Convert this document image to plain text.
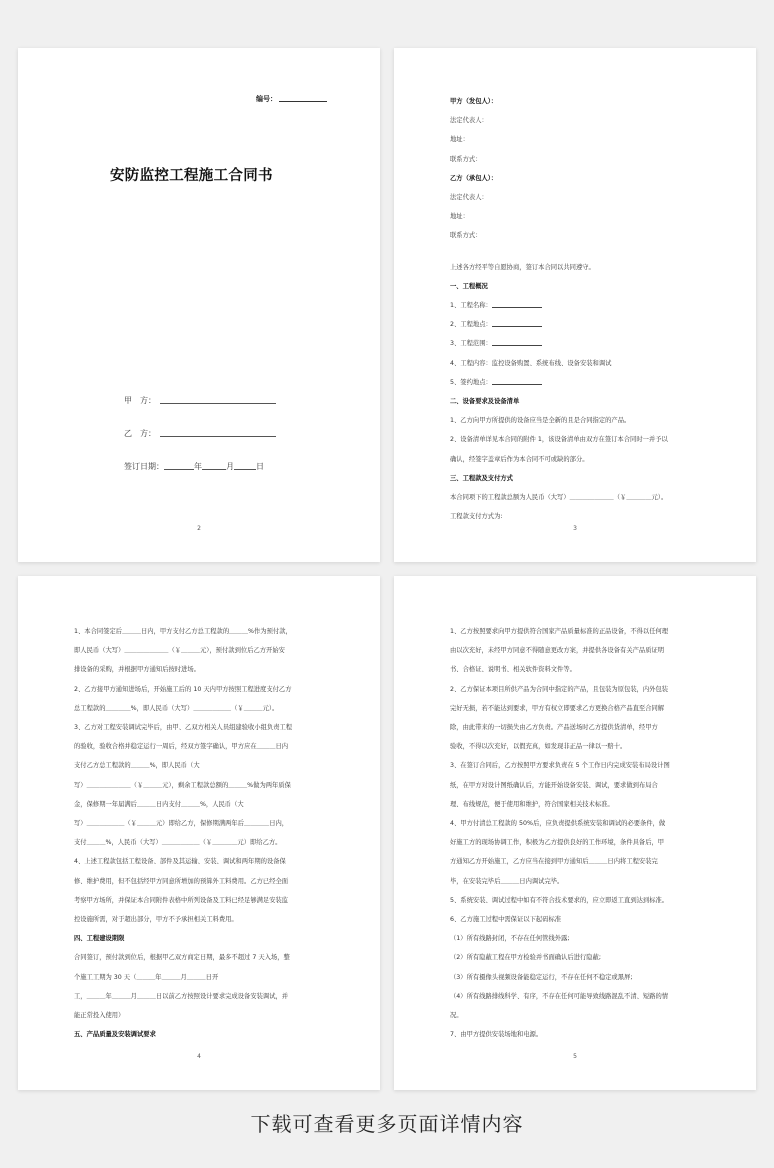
编号：
安防监控工程施工合同书
甲　方：
乙　方：
签订日期：	年	月	日
2

甲方（发包人）：

法定代表人：

地址：

联系方式：

乙方（承包人）：

法定代表人：

地址：

联系方式：

上述各方经平等自愿协商，签订本合同以共同遵守。

一、工程概况

1、工程名称：

2、工程地点：

3、工程范围：

4、工程内容：监控设备购置、系统布线、设备安装和调试

5、签约地点：

二、设备要求及设备清单

1、乙方向甲方所提供的设备应当是全新的且是合同指定的产品。

2、设备清单详见本合同的附件 1，该设备清单由双方在签订本合同时一并予以

确认，经签字盖章后作为本合同不可或缺的部分。

三、工程款及支付方式

本合同项下的工程款总额为人民币（大写）＿＿＿＿＿＿＿（￥＿＿＿＿元）。

工程款支付方式为:

3

1、本合同签定后＿＿＿日内，甲方支付乙方总工程款的＿＿＿%作为预付款，

即人民币（大写）＿＿＿＿＿＿＿（￥＿＿＿元），预付款到位后乙方开始安

排设备的采购，并根据甲方通知后按时进场。

2、乙方接甲方通知进场后，开始施工后的 10 天内甲方按照工程进度支付乙方

总工程款的＿＿＿＿%，即人民币（大写）＿＿＿＿＿＿（￥＿＿＿元）。

3、乙方对工程安装调试完毕后，由甲、乙双方相关人员组建验收小组负责工程

的验收，验收合格并稳定运行一周后，经双方签字确认，甲方应在＿＿＿日内

支付乙方总工程款的＿＿＿%，即人民币（大

写）＿＿＿＿＿＿＿（￥＿＿＿元），剩余工程款总额的＿＿＿%做为两年质保

金，保修期一年届满后＿＿＿日内支付＿＿＿%，人民币（大

写）＿＿＿＿＿＿（￥＿＿＿元）即给乙方，保修期满两年后＿＿＿＿日内，

支付＿＿＿%，人民币（大写）＿＿＿＿＿＿（￥＿＿＿＿元）即给乙方。

4、上述工程款包括工程设备、部件及其运输、安装、调试和两年期的设备保

修、维护费用，但不包括经甲方同意所增加的预算外工料费用。乙方已经全面

考察甲方场所，并保证本合同附件表格中所列设备及工料已经足够满足安装监

控设施所需，对于超出部分，甲方不予承担相关工料费用。

四、工程建设期限

合同签订，预付款到位后，根据甲乙双方商定日期，最多不超过 7 天入场，整

个施工工期为 30 天（＿＿＿年＿＿＿月＿＿＿日开

工，＿＿＿年＿＿＿月＿＿＿日以前乙方按照设计要求完成设备安装调试，并

能正常投入使用）

五、产品质量及安装调试要求

4

1、乙方按照要求向甲方提供符合国家产品质量标准的正品设备，不得以任何理

由以次充好，未经甲方同意不得随意更改方案，并提供各设备有关产品质证明

书、合格证、说明书、相关软件资料文件等。

2、乙方保证本项目所供产品为合同中指定的产品，且包装为原包装，内外包装

完好无损，若不能达到要求，甲方有权立即要求乙方更换合格产品直至合同解

除，由此带来的一切损失由乙方负责。产品送场时乙方提供货清单，经甲方

验收，不得以次充好，以假充真，如发现非正品一律以一赔十。

3、在签订合同后，乙方按照甲方要求负责在 5 个工作日内完成安装布局设计图

纸，在甲方对设计图纸确认后，方能开始设备安装、调试，要求做到布局合

理、布线规范，便于使用和维护，符合国家相关技术标准。

4、甲方付清总工程款的 50%后，应负责提供系统安装和调试的必要条件，做

好施工方的现场协调工作，积极为乙方提供良好的工作环境，条件具备后，甲

方通知乙方开始施工，乙方应当在接到甲方通知后＿＿＿日内将工程安装完

毕，在安装完毕后＿＿＿日内调试完毕。

5、系统安装、调试过程中如有不符合技术要求的，应立即返工直到达到标准。

6、乙方施工过程中需保证以下起码标准

（1）所有线路封闭，不存在任何管线外露;

（2）所有隐蔽工程在甲方检验并书面确认后进行隐蔽;

（3）所有摄像头视频设备能稳定运行，不存在任何不稳定或黑屏;

（4）所有线路排线科学、有序，不存在任何可能导致线路混乱不清、短路的情

况。

7、由甲方提供安装场地和电源。

5
下载可查看更多页面详情内容
